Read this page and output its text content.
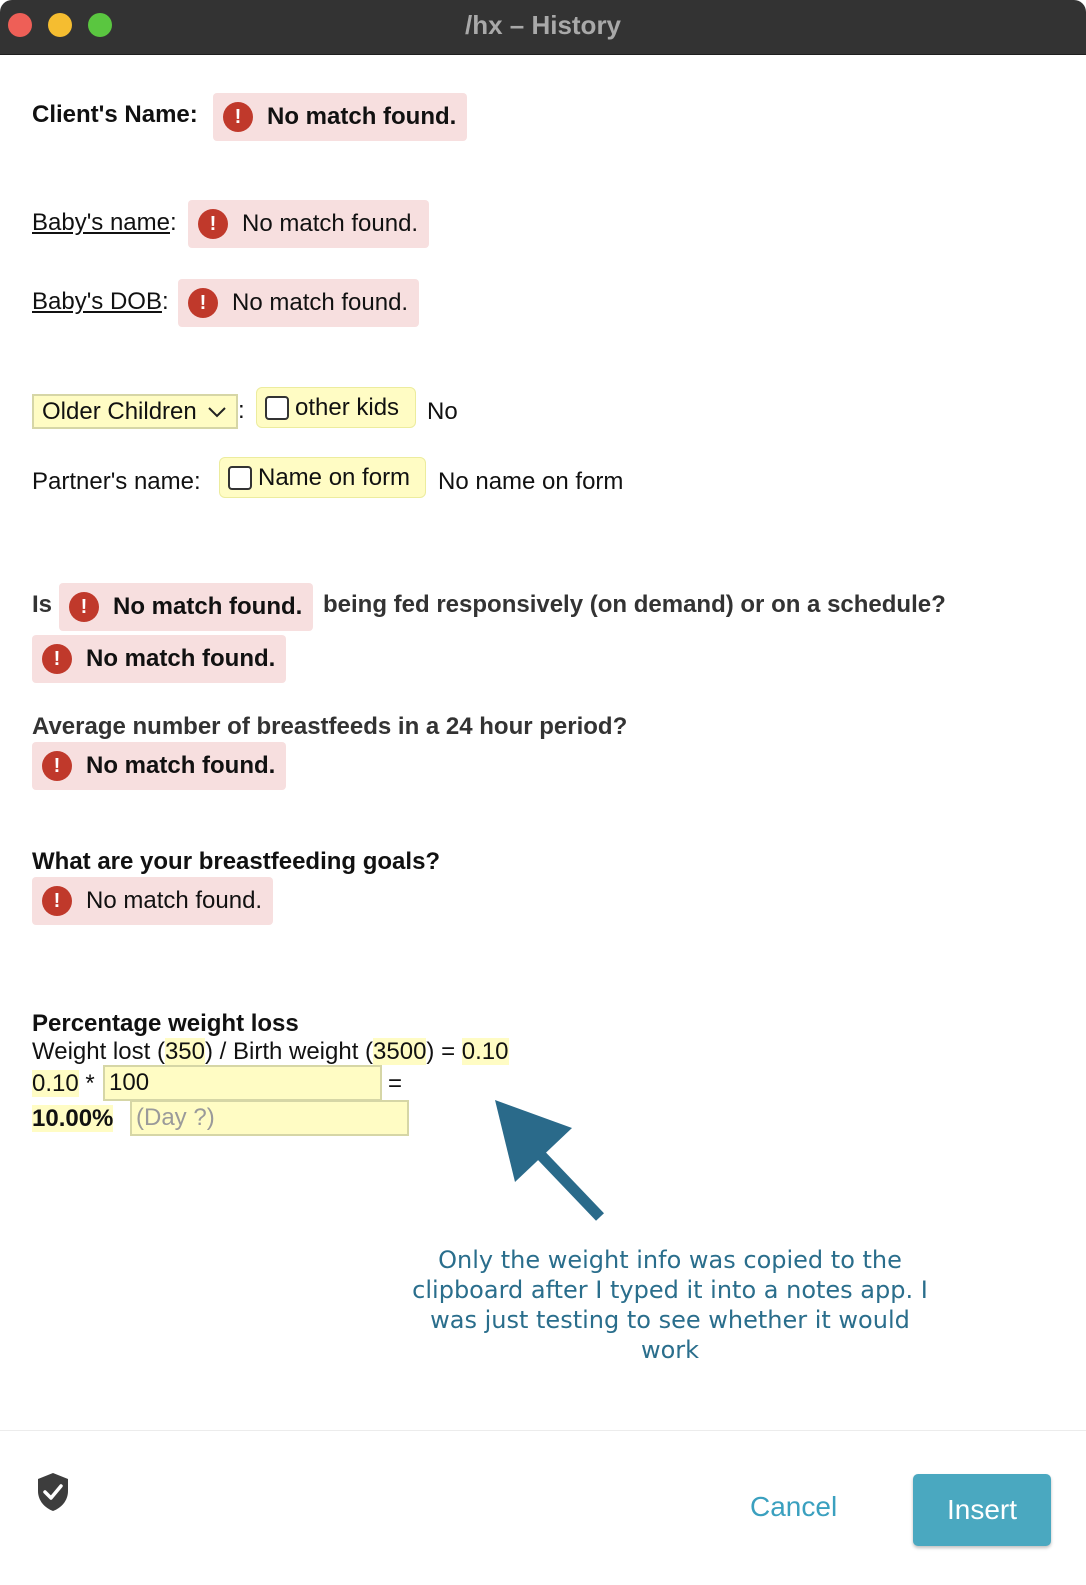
/hx – History
Client's Name:	!	No match found.
Baby's name:	!	No match found.
Baby's DOB:	!	No match found.
Older Children : other kids No
Partner's name: Name on form No name on form
Is	!	No match found. being fed responsively (on demand) or on a schedule?
!	No match found.
Average number of breastfeeds in a 24 hour period?
!	No match found.
What are your breastfeeding goals?
!	No match found.
Percentage weight loss
Weight lost (350) / Birth weight (3500) = 0.10
0.10 * 100	=
10.00% (Day ?)
Only the weight info was copied to the clipboard after I typed it into a notes app. I was just testing to see whether it would work
Cancel	Insert
